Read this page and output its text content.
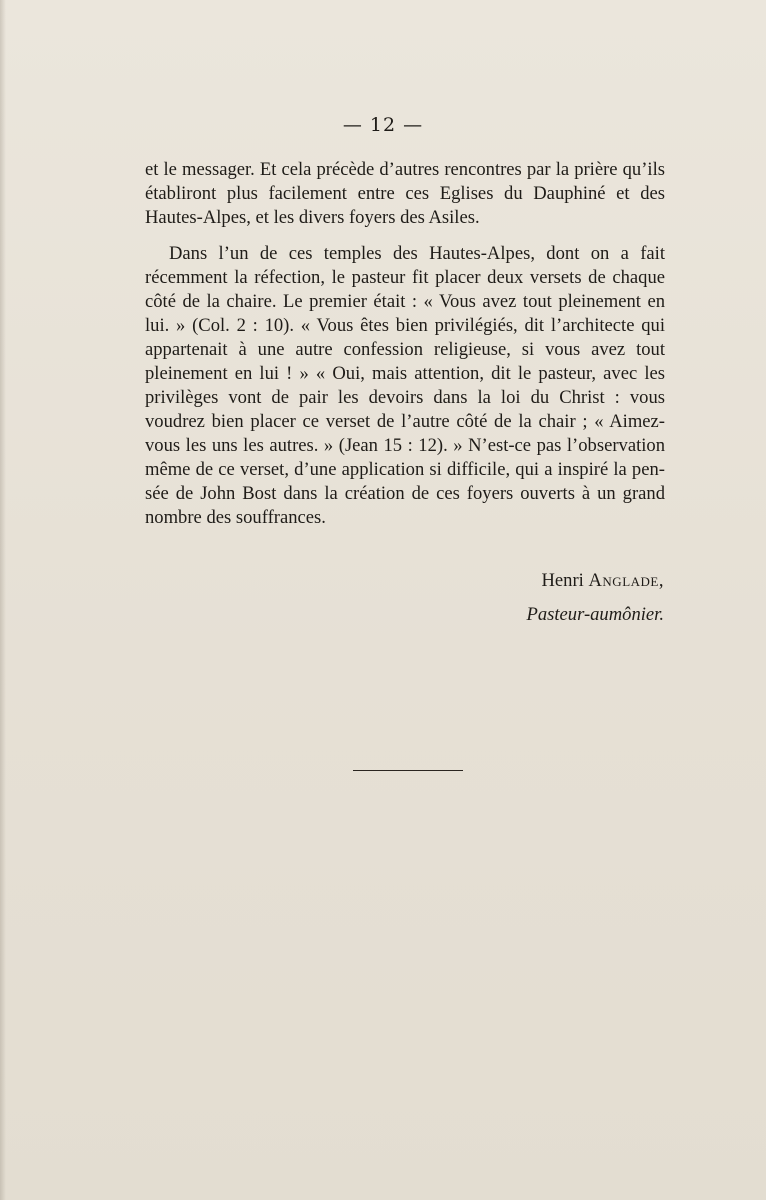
— 12 —

et le messager. Et cela précède d’autres rencontres par la prière qu’ils établiront plus facilement entre ces Eglises du Dauphiné et des Hautes-Alpes, et les divers foyers des Asiles.

Dans l’un de ces temples des Hautes-Alpes, dont on a fait récemment la réfection, le pasteur fit placer deux versets de chaque côté de la chaire. Le premier était : « Vous avez tout pleinement en lui. » (Col. 2 : 10). « Vous êtes bien privilégiés, dit l’architecte qui appartenait à une autre confession religieuse, si vous avez tout pleinement en lui ! » « Oui, mais attention, dit le pasteur, avec les privilèges vont de pair les devoirs dans la loi du Christ : vous voudrez bien placer ce verset de l’autre côté de la chair ; « Aimez-vous les uns les autres. » (Jean 15 : 12). » N’est-ce pas l’observation même de ce verset, d’une application si difficile, qui a inspiré la pensée de John Bost dans la création de ces foyers ouverts à un grand nombre des souffrances.

Henri Anglade,
Pasteur-aumônier.
